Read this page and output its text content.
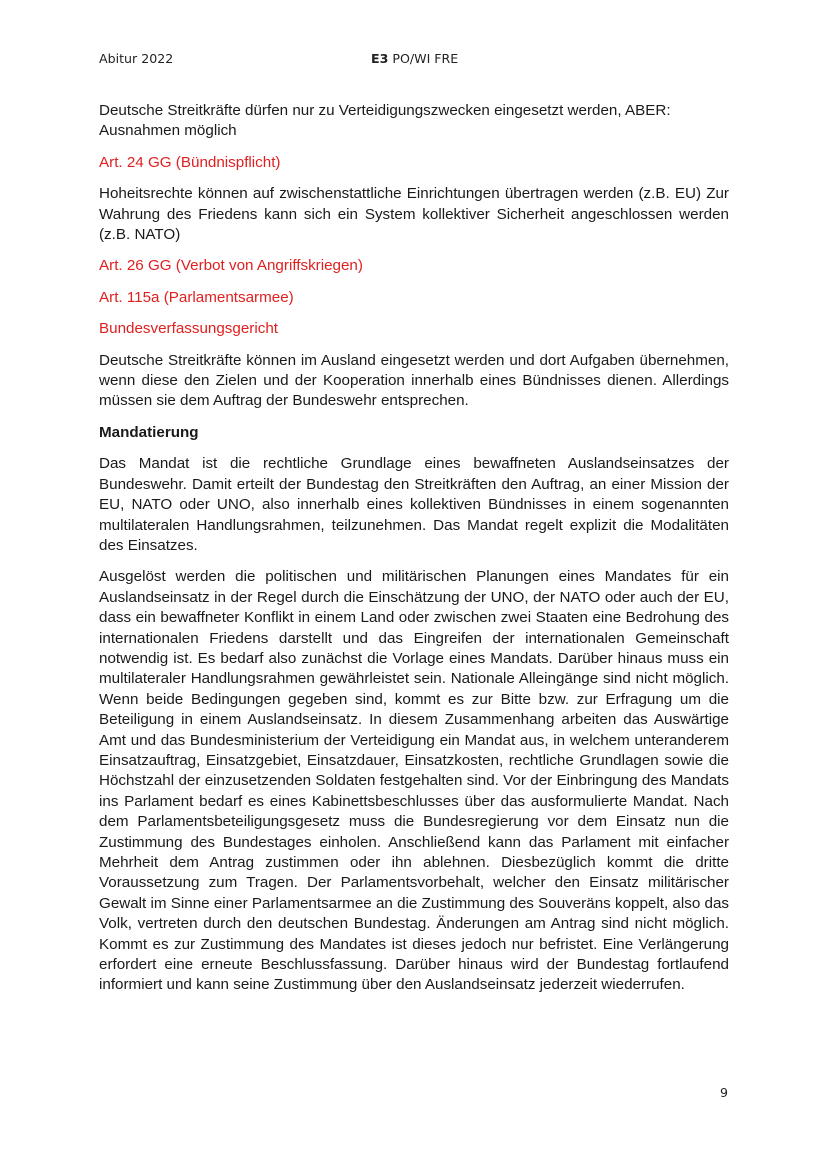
Abitur 2022	E3 PO/WI FRE

Deutsche Streitkräfte dürfen nur zu Verteidigungszwecken eingesetzt werden, ABER: Ausnahmen möglich

Art. 24 GG (Bündnispflicht)

Hoheitsrechte können auf zwischenstattliche Einrichtungen übertragen werden (z.B. EU) Zur Wahrung des Friedens kann sich ein System kollektiver Sicherheit angeschlossen werden (z.B. NATO)

Art. 26 GG (Verbot von Angriffskriegen)

Art. 115a (Parlamentsarmee)

Bundesverfassungsgericht

Deutsche Streitkräfte können im Ausland eingesetzt werden und dort Aufgaben übernehmen, wenn diese den Zielen und der Kooperation innerhalb eines Bündnisses dienen. Allerdings müssen sie dem Auftrag der Bundeswehr entsprechen.

Mandatierung

Das Mandat ist die rechtliche Grundlage eines bewaffneten Auslandseinsatzes der Bundeswehr. Damit erteilt der Bundestag den Streitkräften den Auftrag, an einer Mission der EU, NATO oder UNO, also innerhalb eines kollektiven Bündnisses in einem sogenannten multilateralen Handlungsrahmen, teilzunehmen. Das Mandat regelt explizit die Modalitäten des Einsatzes.

Ausgelöst werden die politischen und militärischen Planungen eines Mandates für ein Auslandseinsatz in der Regel durch die Einschätzung der UNO, der NATO oder auch der EU, dass ein bewaffneter Konflikt in einem Land oder zwischen zwei Staaten eine Bedrohung des internationalen Friedens darstellt und das Eingreifen der internationalen Gemeinschaft notwendig ist. Es bedarf also zunächst die Vorlage eines Mandats. Darüber hinaus muss ein multilateraler Handlungsrahmen gewährleistet sein. Nationale Alleingänge sind nicht möglich. Wenn beide Bedingungen gegeben sind, kommt es zur Bitte bzw. zur Erfragung um die Beteiligung in einem Auslandseinsatz. In diesem Zusammenhang arbeiten das Auswärtige Amt und das Bundesministerium der Verteidigung ein Mandat aus, in welchem unteranderem Einsatzauftrag, Einsatzgebiet, Einsatzdauer, Einsatzkosten, rechtliche Grundlagen sowie die Höchstzahl der einzusetzenden Soldaten festgehalten sind. Vor der Einbringung des Mandats ins Parlament bedarf es eines Kabinettsbeschlusses über das ausformulierte Mandat. Nach dem Parlamentsbeteiligungsgesetz muss die Bundesregierung vor dem Einsatz nun die Zustimmung des Bundestages einholen. Anschließend kann das Parlament mit einfacher Mehrheit dem Antrag zustimmen oder ihn ablehnen. Diesbezüglich kommt die dritte Voraussetzung zum Tragen. Der Parlamentsvorbehalt, welcher den Einsatz militärischer Gewalt im Sinne einer Parlamentsarmee an die Zustimmung des Souveräns koppelt, also das Volk, vertreten durch den deutschen Bundestag. Änderungen am Antrag sind nicht möglich. Kommt es zur Zustimmung des Mandates ist dieses jedoch nur befristet. Eine Verlängerung erfordert eine erneute Beschlussfassung. Darüber hinaus wird der Bundestag fortlaufend informiert und kann seine Zustimmung über den Auslandseinsatz jederzeit wiederrufen.

9
